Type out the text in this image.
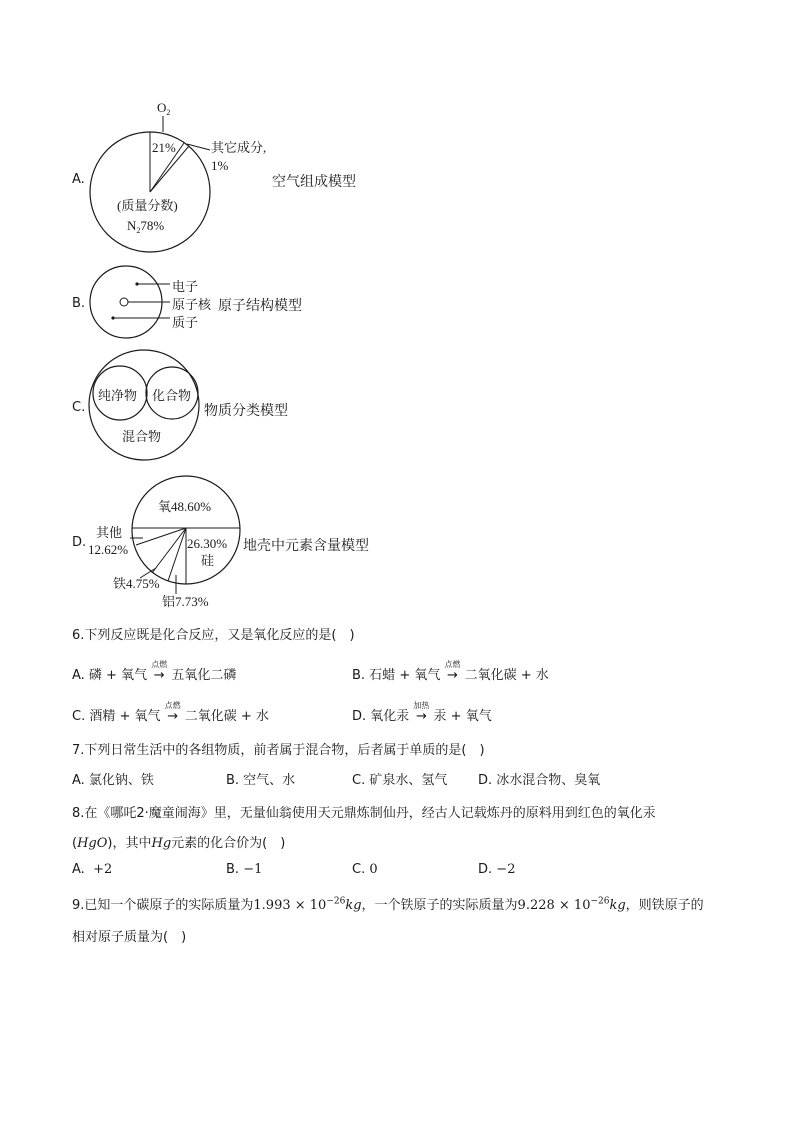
A.
$O_2$
21%	其它成分,
1%
(质量分数)
$N_278\%$
氧48.60%
26.30%
硅
其他
12.62%
铁4.75%
铝7.73%
空气组成模型
B.
电子
原子核
质子
原子结构模型
C.
纯净物 化合物
混合物
物质分类模型
D.	地壳中元素含量模型
6.下列反应既是化合反应，又是氧化反应的是(　)
A. 磷 + 氧气
点燃
→ 五氧化二磷	B. 石蜡 + 氧气
点燃
→ 二氧化碳 + 水
C. 酒精 + 氧气
点燃
→ 二氧化碳 + 水	D. 氧化汞
加热
→ 汞 + 氧气
7.下列日常生活中的各组物质，前者属于混合物，后者属于单质的是(　)
A. 氯化钠、铁	B. 空气、水	C. 矿泉水、氢气 D. 冰水混合物、臭氧
8.在《哪吒2·魔童闹海》里，无量仙翁使用天元鼎炼制仙丹，经古人记载炼丹的原料用到红色的氧化汞
(HgO)，其中Hg元素的化合价为(　)
A. +2	B. −1	C. 0	D. −2
9.已知一个碳原子的实际质量为$1.993 \times 10^{-26}kg$，一个铁原子的实际质量为$9.228 \times 10^{-26}kg$，则铁原子的
相对原子质量为(　)
